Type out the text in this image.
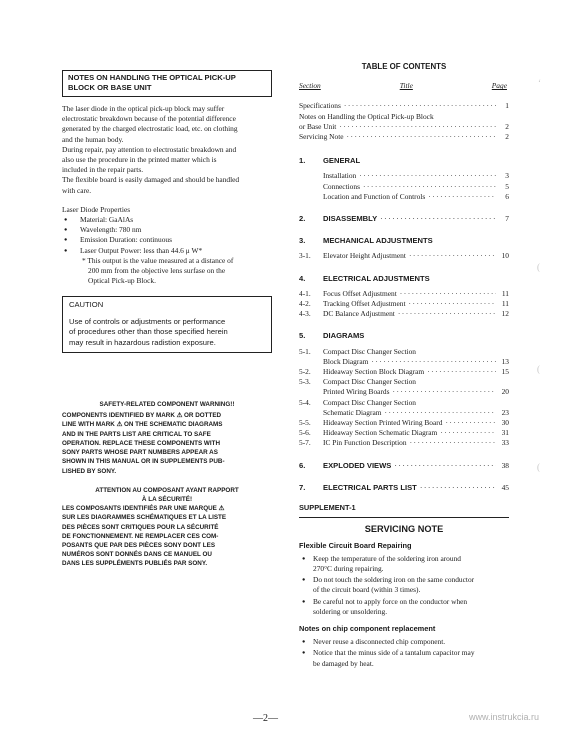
NOTES ON HANDLING THE OPTICAL PICK-UP
BLOCK OR BASE UNIT
The laser diode in the optical pick-up block may suffer
electrostatic breakdown because of the potential difference
generated by the charged electrostatic load, etc. on clothing
and the human body.
During repair, pay attention to electrostatic breakdown and
also use the procedure in the printed matter which is
included in the repair parts.
The flexible board is easily damaged and should be handled
with care.
Laser Diode Properties
● Material: GaAlAs
● Wavelength: 780 nm
● Emission Duration: continuous
● Laser Output Power: less than 44.6 μ W*
* This output is the value measured at a distance of
200 mm from the objective lens surfase on the
Optical Pick-up Block.
CAUTION
Use of controls or adjustments or performance
of procedures other than those specified herein
may result in hazardous radistion exposure.
SAFETY-RELATED COMPONENT WARNING!!
COMPONENTS IDENTIFIED BY MARK ⚠ OR DOTTED
LINE WITH MARK ⚠ ON THE SCHEMATIC DIAGRAMS
AND IN THE PARTS LIST ARE CRITICAL TO SAFE
OPERATION. REPLACE THESE COMPONENTS WITH
SONY PARTS WHOSE PART NUMBERS APPEAR AS
SHOWN IN THIS MANUAL OR IN SUPPLEMENTS PUB-
LISHED BY SONY.
ATTENTION AU COMPOSANT AYANT RAPPORT
À LA SÉCURITÉ!
LES COMPOSANTS IDENTIFIÉS PAR UNE MARQUE ⚠
SUR LES DIAGRAMMES SCHÉMATIQUES ET LA LISTE
DES PIÈCES SONT CRITIQUES POUR LA SÉCURITÉ
DE FONCTIONNEMENT. NE REMPLACER CES COM-
POSANTS QUE PAR DES PIÈCES SONY DONT LES
NUMÉROS SONT DONNÉS DANS CE MANUEL OU
DANS LES SUPPLÉMENTS PUBLIÉS PAR SONY.
TABLE OF CONTENTS
Section	Title	Page
Specifications ·····	1
Notes on Handling the Optical Pick-up Block
or Base Unit ·····	2
Servicing Note ·····	2
1.	GENERAL
Installation ·····	3
Connections ·····	5
Location and Function of Controls ·····	6
2.	DISASSEMBLY ·····	7
3.	MECHANICAL ADJUSTMENTS
3-1.	Elevator Height Adjustment ·····	10
4.	ELECTRICAL ADJUSTMENTS
4-1.	Focus Offset Adjustment ·····	11
4-2.	Tracking Offset Adjustment ·····	11
4-3.	DC Balance Adjustment ·····	12
5.	DIAGRAMS
5-1.	Compact Disc Changer Section
Block Diagram ·····	13
5-2.	Hideaway Section Block Diagram ·····	15
5-3.	Compact Disc Changer Section
Printed Wiring Boards ·····	20
5-4.	Compact Disc Changer Section
Schematic Diagram ·····	23
5-5.	Hideaway Section Printed Wiring Board ·····	30
5-6.	Hideaway Section Schematic Diagram ·····	31
5-7.	IC Pin Function Description ·····	33
6.	EXPLODED VIEWS ·····	38
7.	ELECTRICAL PARTS LIST ·····	45
SUPPLEMENT-1
SERVICING NOTE
Flexible Circuit Board Repairing
● Keep the temperature of the soldering iron around
270°C during repairing.
● Do not touch the soldering iron on the same conductor
of the circuit board (within 3 times).
● Be careful not to apply force on the conductor when
soldering or unsoldering.
Notes on chip component replacement
● Never reuse a disconnected chip component.
● Notice that the minus side of a tantalum capacitor may
be damaged by heat.
‘
(
(
(
—2—	www.instrukcia.ru
